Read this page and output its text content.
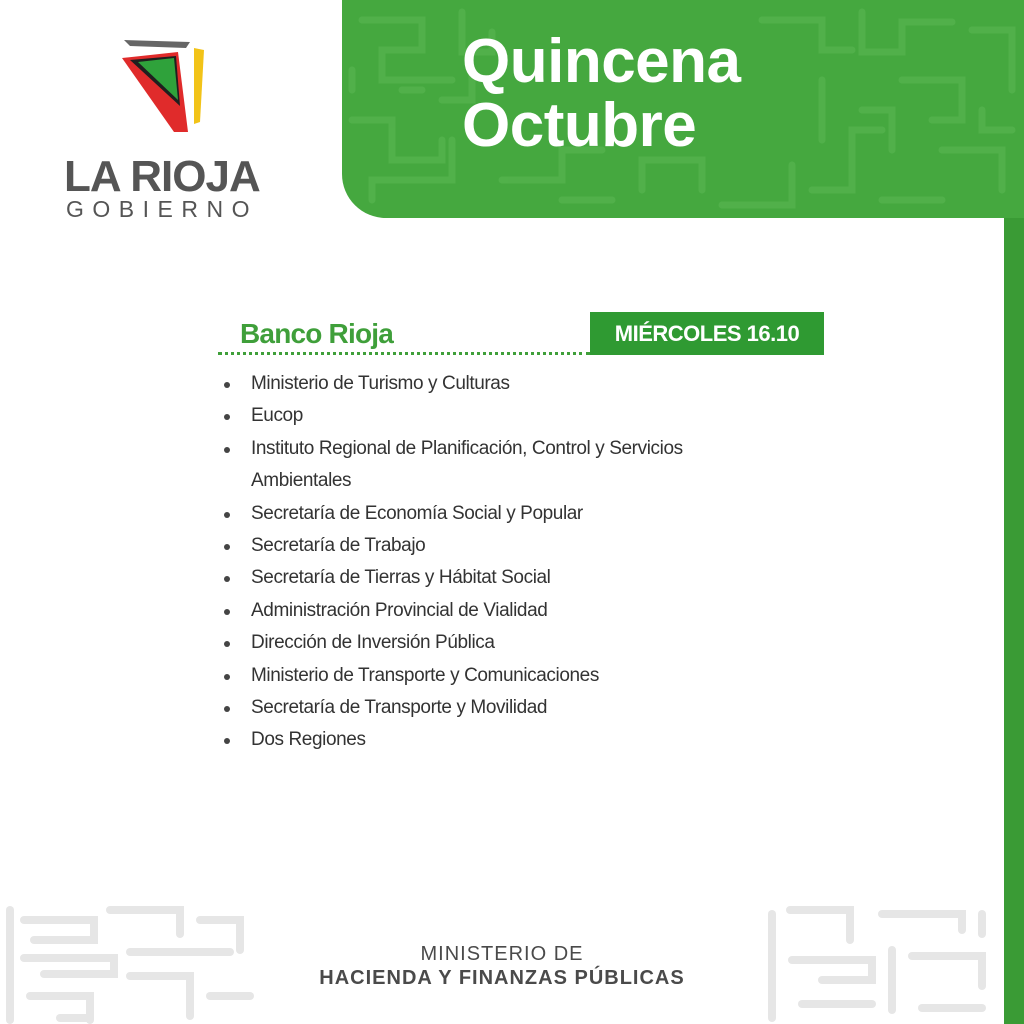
Quincena
Octubre
LA RIOJA
GOBIERNO
Banco Rioja	MIÉRCOLES 16.10
Ministerio de Turismo y Culturas
Eucop
Instituto Regional de Planificación, Control y Servicios Ambientales
Secretaría de Economía Social y Popular
Secretaría de Trabajo
Secretaría de Tierras y Hábitat Social
Administración Provincial de Vialidad
Dirección de Inversión Pública
Ministerio de Transporte y Comunicaciones
Secretaría de Transporte y Movilidad
Dos Regiones
MINISTERIO DE
HACIENDA Y FINANZAS PÚBLICAS
